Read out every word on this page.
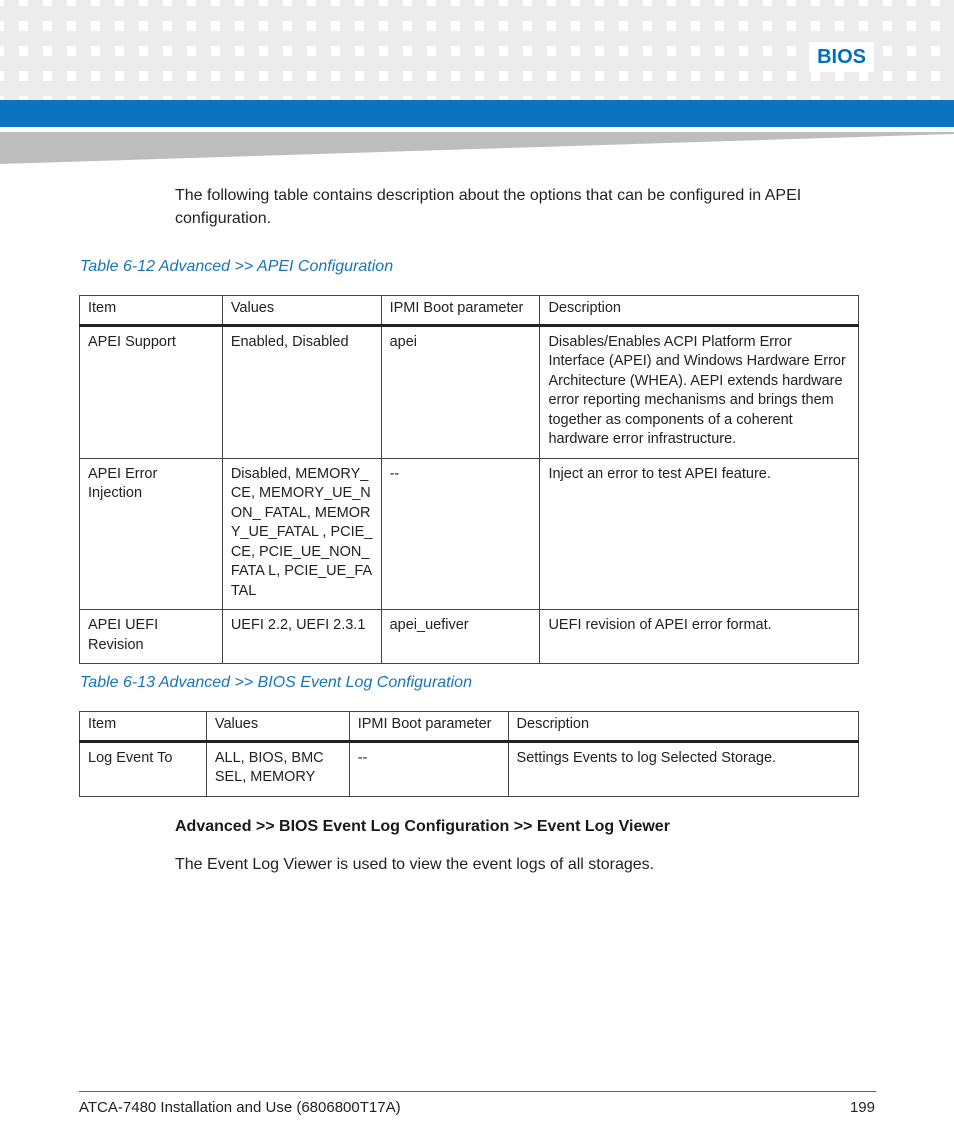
BIOS
The following table contains description about the options that can be configured in APEI configuration.
Table 6-12 Advanced >> APEI Configuration
Item	Values	IPMI Boot parameter	Description
APEI Support	Enabled, Disabled	apei	Disables/Enables ACPI Platform Error Interface (APEI) and Windows Hardware Error Architecture (WHEA). AEPI extends hardware error reporting mechanisms and brings them together as components of a coherent hardware error infrastructure.
APEI Error Injection	Disabled, MEMORY_CE, MEMORY_UE_NON_ FATAL, MEMORY_UE_FATAL , PCIE_CE, PCIE_UE_NON_FATA L, PCIE_UE_FATAL	--	Inject an error to test APEI feature.
APEI UEFI Revision	UEFI 2.2, UEFI 2.3.1	apei_uefiver	UEFI revision of APEI error format.
Table 6-13 Advanced >> BIOS Event Log Configuration
Item	Values	IPMI Boot parameter	Description
Log Event To	ALL, BIOS, BMC SEL, MEMORY	--	Settings Events to log Selected Storage.
Advanced >> BIOS Event Log Configuration >> Event Log Viewer
The Event Log Viewer is used to view the event logs of all storages.
ATCA-7480 Installation and Use (6806800T17A)	199
